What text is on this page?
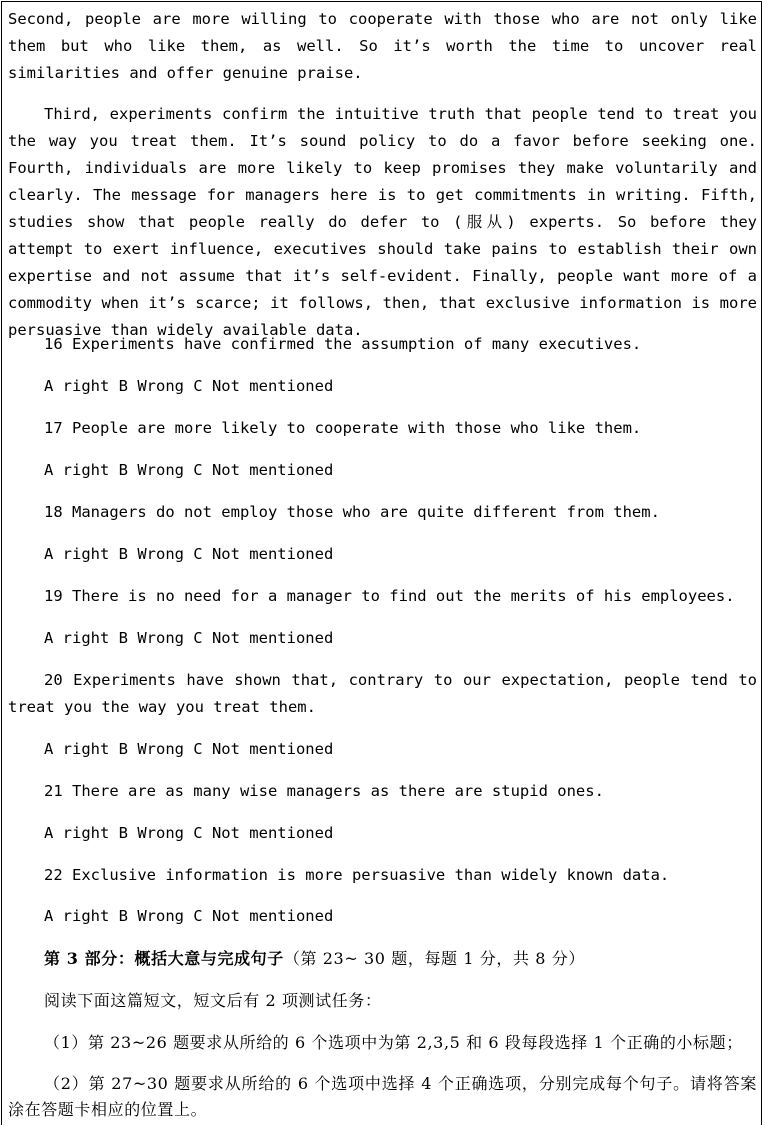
Second, people are more willing to cooperate with those who are not only like them but who like them, as well. So it’s worth the time to uncover real similarities and offer genuine praise.

Third, experiments confirm the intuitive truth that people tend to treat you the way you treat them. It’s sound policy to do a favor before seeking one. Fourth, individuals are more likely to keep promises they make voluntarily and clearly. The message for managers here is to get commitments in writing. Fifth, studies show that people really do defer to (服从) experts. So before they attempt to exert influence, executives should take pains to establish their own expertise and not assume that it’s self-evident. Finally, people want more of a commodity when it’s scarce; it follows, then, that exclusive information is more persuasive than widely available data.

16 Experiments have confirmed the assumption of many executives.

A right B Wrong C Not mentioned

17 People are more likely to cooperate with those who like them.

A right B Wrong C Not mentioned

18 Managers do not employ those who are quite different from them.

A right B Wrong C Not mentioned

19 There is no need for a manager to find out the merits of his employees.

A right B Wrong C Not mentioned

20 Experiments have shown that, contrary to our expectation, people tend to treat you the way you treat them.

A right B Wrong C Not mentioned

21 There are as many wise managers as there are stupid ones.

A right B Wrong C Not mentioned

22 Exclusive information is more persuasive than widely known data.

A right B Wrong C Not mentioned

第 3 部分：概括大意与完成句子（第 23~ 30 题，每题 1 分，共 8 分）

阅读下面这篇短文，短文后有 2 项测试任务：

（1）第 23~26 题要求从所给的 6 个选项中为第 2,3,5 和 6 段每段选择 1 个正确的小标题；

（2）第 27~30 题要求从所给的 6 个选项中选择 4 个正确选项，分别完成每个句子。请将答案涂在答题卡相应的位置上。
